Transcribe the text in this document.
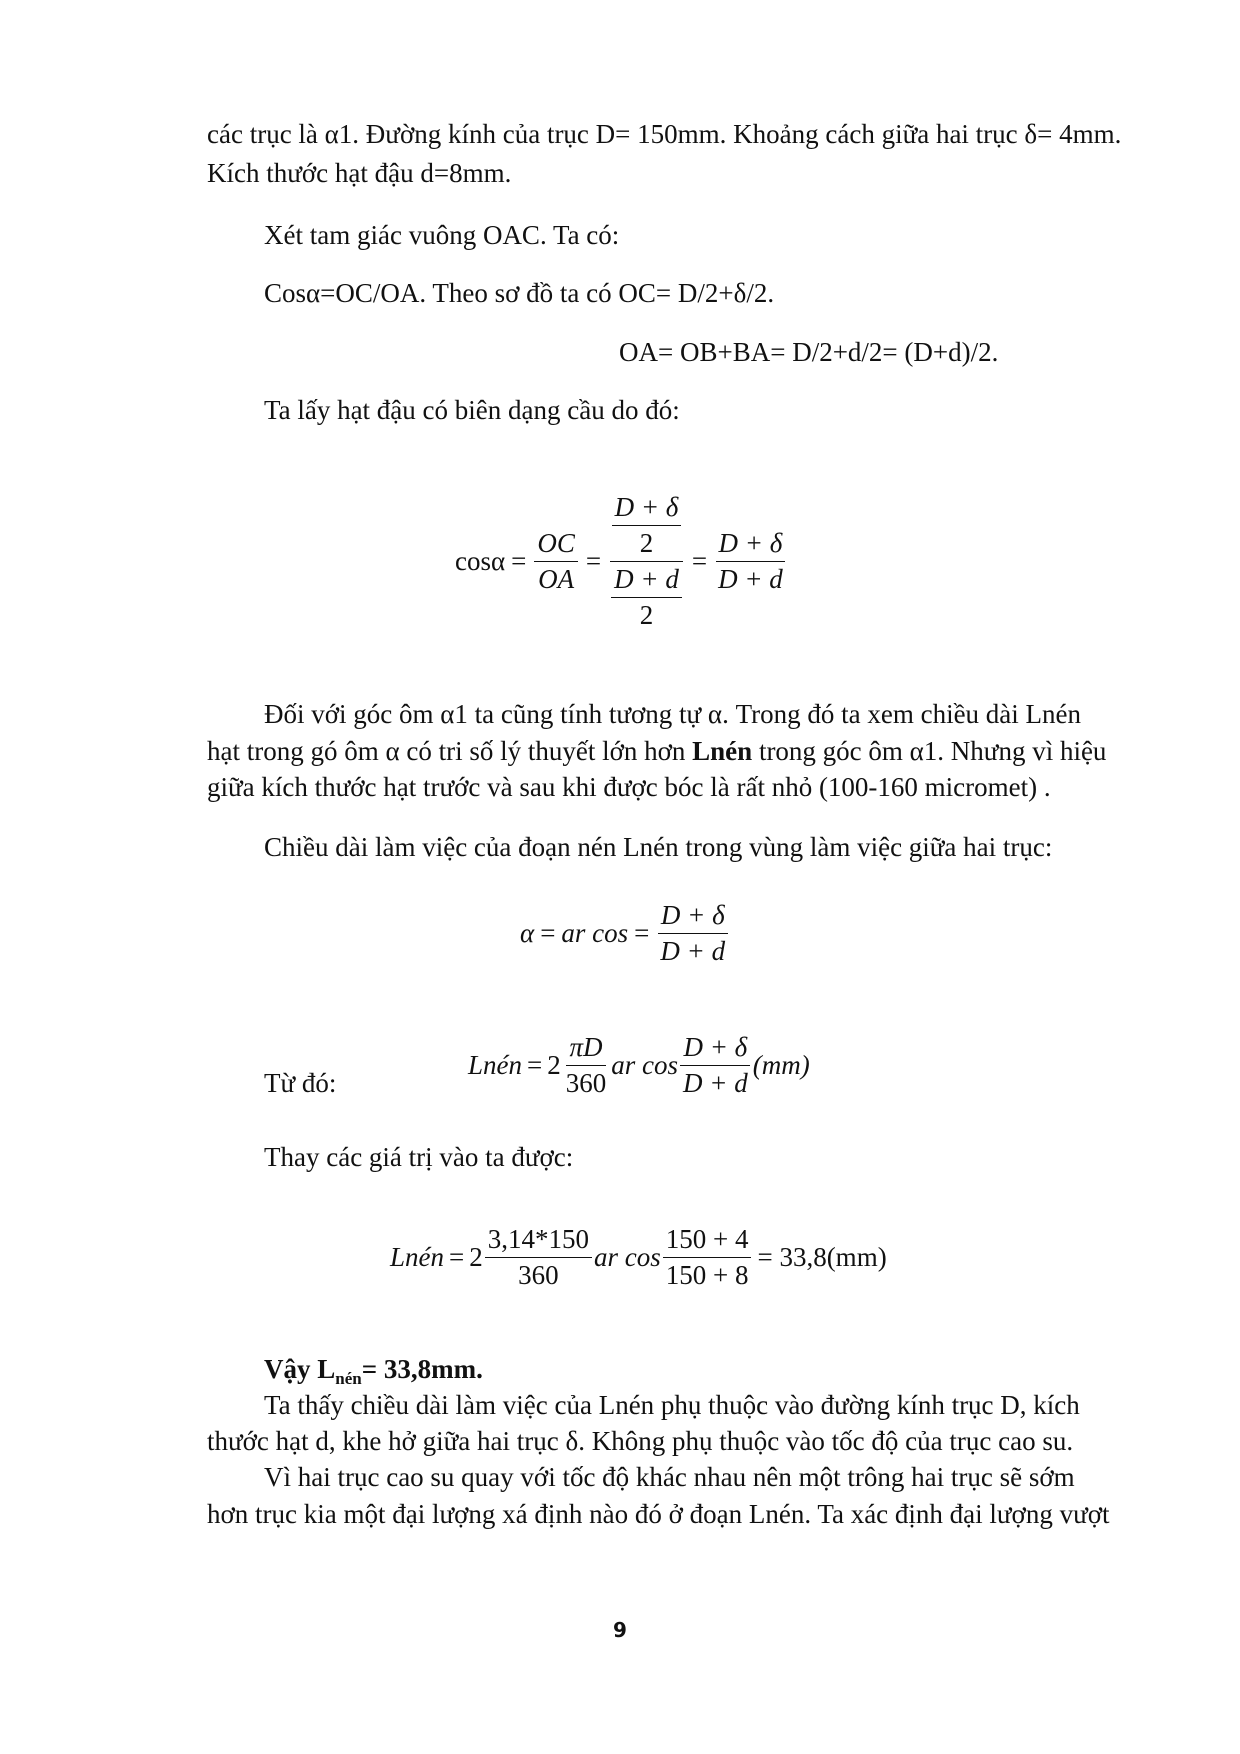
các trục là α1. Đường kính của trục D= 150mm. Khoảng cách giữa hai trục δ= 4mm.
Kích thước hạt đậu d=8mm.
Xét tam giác vuông OAC. Ta có:
Cosα=OC/OA. Theo sơ đồ ta có OC= D/2+δ/2.
OA= OB+BA= D/2+d/2= (D+d)/2.
Ta lấy hạt đậu có biên dạng cầu do đó:
$\cos\alpha = \frac{OC}{OA} = \frac{\frac{D + \delta}{2}}{\frac{D + d}{2}} = \frac{D + \delta}{D + d}$
Đối với góc ôm α1 ta cũng tính tương tự α. Trong đó ta xem chiều dài Lnén
hạt trong gó ôm α có tri số lý thuyết lớn hơn Lnén trong góc ôm α1. Nhưng vì hiệu
giữa kích thước hạt trước và sau khi được bóc là rất nhỏ (100-160 micromet) .
Chiều dài làm việc của đoạn nén Lnén trong vùng làm việc giữa hai trục:
α = ar $\cos = \frac{D + \delta}{D + d}$
Lnén = $2 \frac{\pi D}{360}$ ar $\cos \frac{D + \delta}{D + d} (mm)$
Từ đó:
Thay các giá trị vào ta được:
Lnén = $2 \frac{3,14*150}{360}$ ar $\cos \frac{150 + 4}{150 + 8} = 33,8(mm)$
Vậy $L_{nén}= 33,8mm$.
Ta thấy chiều dài làm việc của Lnén phụ thuộc vào đường kính trục D, kích
thước hạt d, khe hở giữa hai trục δ. Không phụ thuộc vào tốc độ của trục cao su.
Vì hai trục cao su quay với tốc độ khác nhau nên một trông hai trục sẽ sớm
hơn trục kia một đại lượng xá định nào đó ở đoạn Lnén. Ta xác định đại lượng vượt
9
